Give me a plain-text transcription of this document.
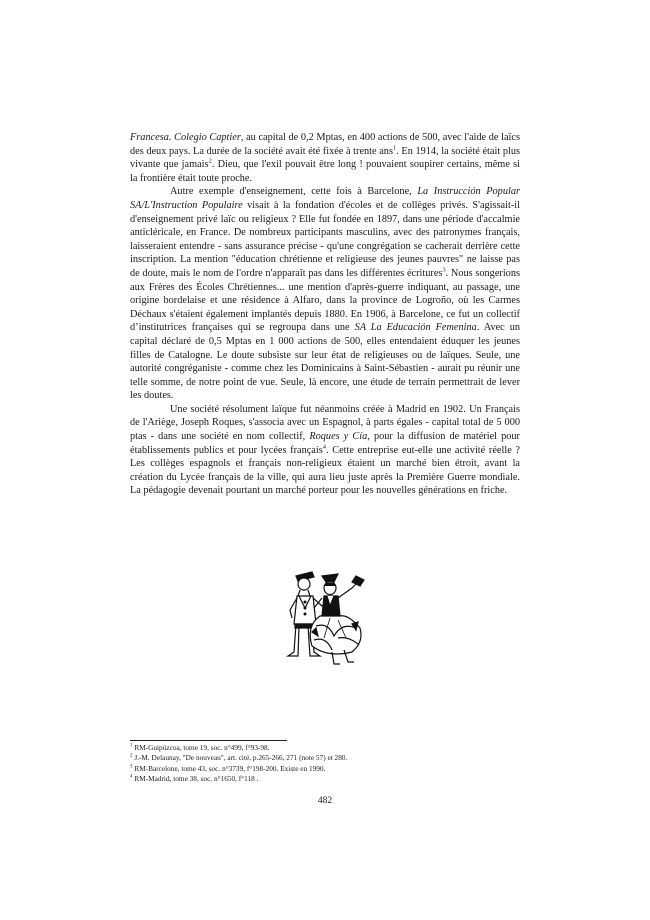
Francesa. Colegio Captier, au capital de 0,2 Mptas, en 400 actions de 500, avec l'aide de laïcs des deux pays. La durée de la société avait été fixée à trente ans$^1$. En 1914, la société était plus vivante que jamais$^2$. Dieu, que l'exil pouvait être long ! pouvaient soupirer certains, même si la frontière était toute proche.

Autre exemple d'enseignement, cette fois à Barcelone, La Instrucción Popular SA/L'Instruction Populaire visait à la fondation d'écoles et de collèges privés. S'agissait-il d'enseignement privé laïc ou religieux ? Elle fut fondée en 1897, dans une période d'accalmie anticléricale, en France. De nombreux participants masculins, avec des patronymes français, laisseraient entendre - sans assurance précise - qu'une congrégation se cacherait derrière cette inscription. La mention "éducation chrétienne et religieuse des jeunes pauvres" ne laisse pas de doute, mais le nom de l'ordre n'apparaît pas dans les différentes écritures$^3$. Nous songerions aux Frères des Écoles Chrétiennes... une mention d'après-guerre indiquant, au passage, une origine bordelaise et une résidence à Alfaro, dans la province de Logroño, où les Carmes Déchaux s'étaient également implantés depuis 1880. En 1906, à Barcelone, ce fut un collectif d’institutrices françaises qui se regroupa dans une SA La Educación Femenina. Avec un capital déclaré de 0,5 Mptas en 1 000 actions de 500, elles entendaient éduquer les jeunes filles de Catalogne. Le doute subsiste sur leur état de religieuses ou de laïques. Seule, une autorité congréganiste - comme chez les Dominicains à Saint-Sébastien - aurait pu réunir une telle somme, de notre point de vue. Seule, là encore, une étude de terrain permettrait de lever les doutes.

Une société résolument laïque fut néanmoins créée à Madrid en 1902. Un Français de l'Ariège, Joseph Roques, s'associa avec un Espagnol, à parts égales - capital total de 5 000 ptas - dans une société en nom collectif, Roques y Cía, pour la diffusion de matériel pour établissements publics et pour lycées français$^4$. Cette entreprise eut-elle une activité réelle ? Les collèges espagnols et français non-religieux étaient un marché bien étroit, avant la création du Lycée français de la ville, qui aura lieu juste après la Première Guerre mondiale. La pédagogie devenait pourtant un marché porteur pour les nouvelles générations en friche.

$^1$ RM-Guipúzcoa, tome 19, soc. n°499, f°93-98.
$^2$ J.-M. Delaunay, "De nouveau", art. cité, p.265-266, 271 (note 57) et 280.
$^3$ RM-Barcelone, tome 43, soc. n°3739, f°198-200. Existe en 1990.
$^4$ RM-Madrid, tome 38, soc. n°1650, f°118 .
482
